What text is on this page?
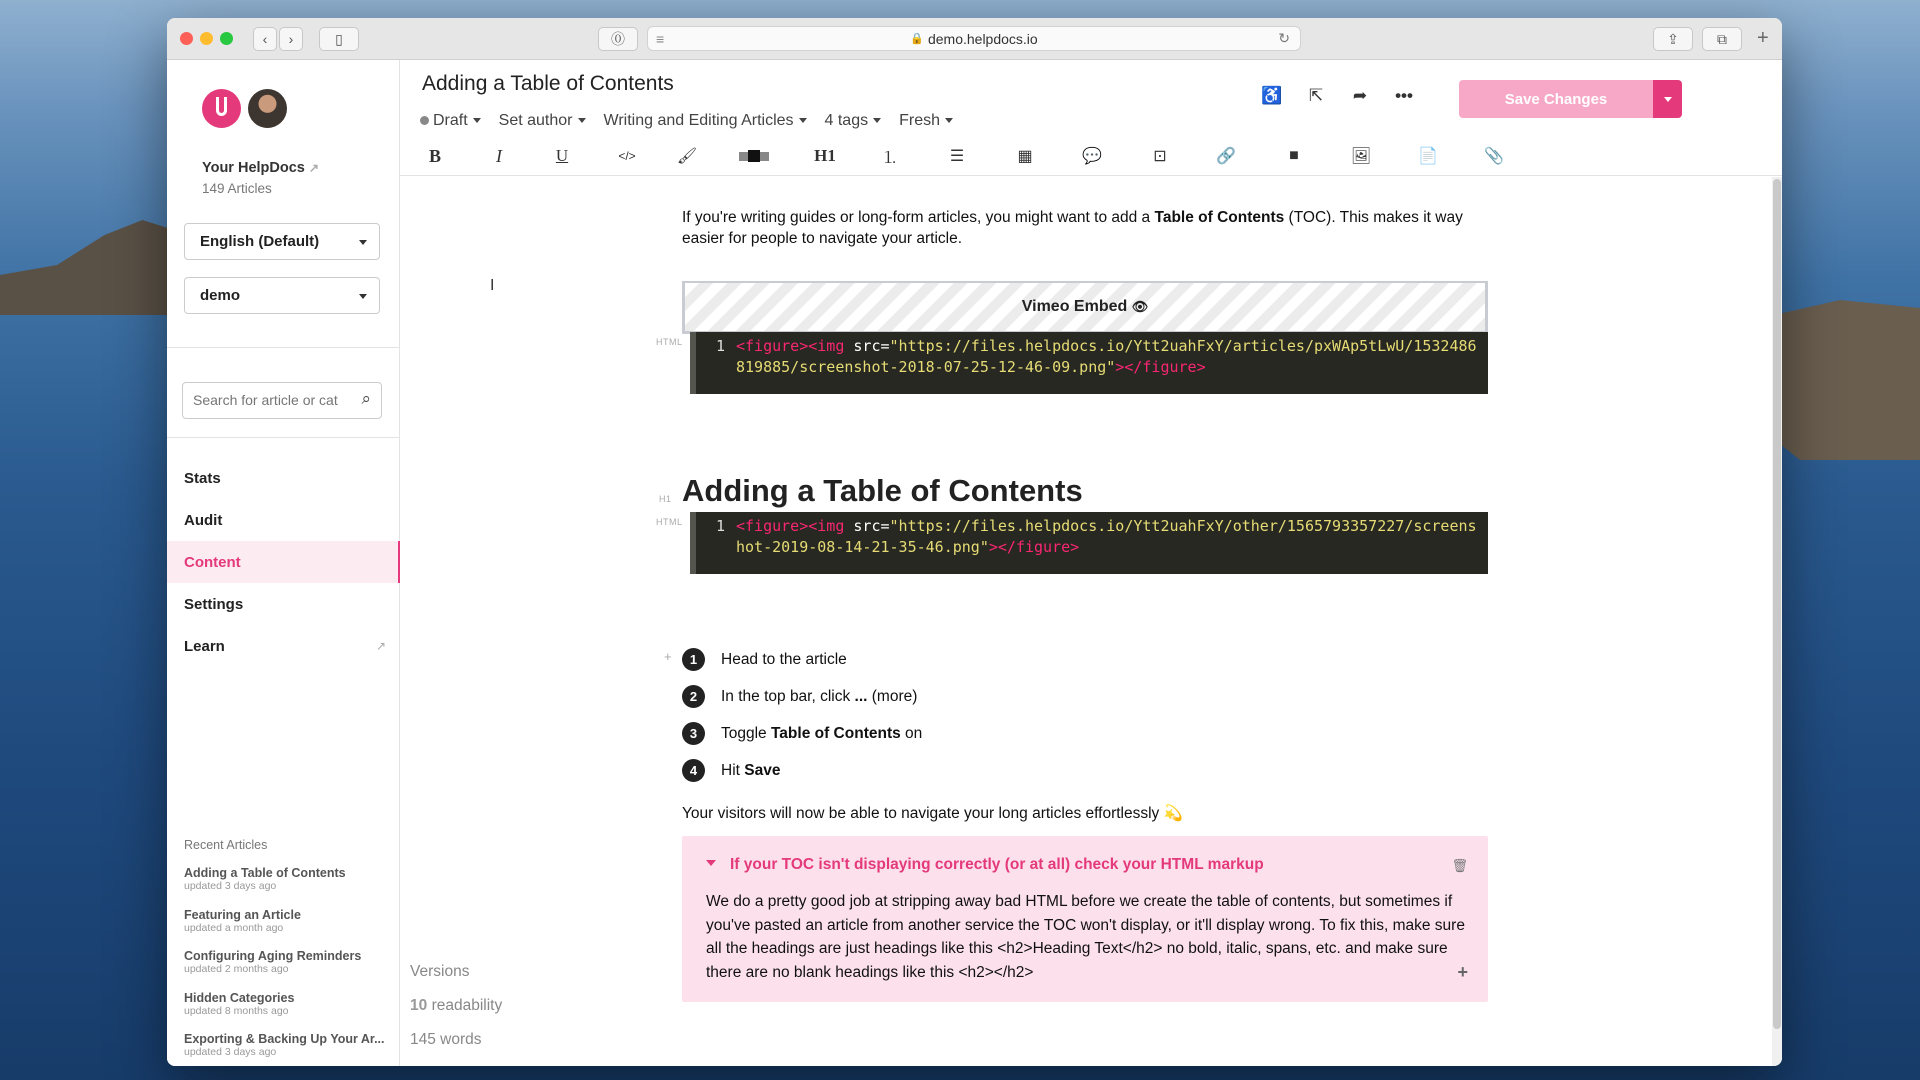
‹	›	▯	⓪	≡	🔒 demo.helpdocs.io	↻	⇪	⧉	+
Your HelpDocs ↗
149 Articles
English (Default)
demo
Search for article or cat
⌕
Stats
Audit
Content
Settings
Learn	↗
Recent Articles
Adding a Table of Contents
updated 3 days ago
Featuring an Article
updated a month ago
Configuring Aging Reminders
updated 2 months ago
Hidden Categories
updated 8 months ago
Exporting & Backing Up Your Ar...
updated 3 days ago
Adding a Table of Contents
Draft	Set author	Writing and Editing Articles	4 tags	Fresh
♿	⇱	➦	•••	Save Changes
B	I	U	</>	🖌	H1	⒈	☰	▦	💬	⊡	🔗	■	🖼	📄	📎
I
If you're writing guides or long-form articles, you might want to add a Table of Contents (TOC). This makes it way easier for people to navigate your article.
Vimeo Embed
👁
HTML 1 <figure><img src="https://files.helpdocs.io/Ytt2uahFxY/articles/pxWAp5tLwU/1532486819885/screenshot-2018-07-25-12-46-09.png"></figure>
H1 Adding a Table of Contents
HTML 1 <figure><img src="https://files.helpdocs.io/Ytt2uahFxY/other/1565793357227/screenshot-2019-08-14-21-35-46.png"></figure>
+	1	Head to the article
2	In the top bar, click ... (more)
3	Toggle Table of Contents on
4	Hit Save
Your visitors will now be able to navigate your long articles effortlessly 💫
If your TOC isn't displaying correctly (or at all) check your HTML markup	🗑
We do a pretty good job at stripping away bad HTML before we create the table of contents, but sometimes if you've pasted an article from another service the TOC won't display, or it'll display wrong. To fix this, make sure all the headings are just headings like this <h2>Heading Text</h2> no bold, italic, spans, etc. and make sure there are no blank headings like this <h2></h2>	+
Versions
10 readability
145 words
